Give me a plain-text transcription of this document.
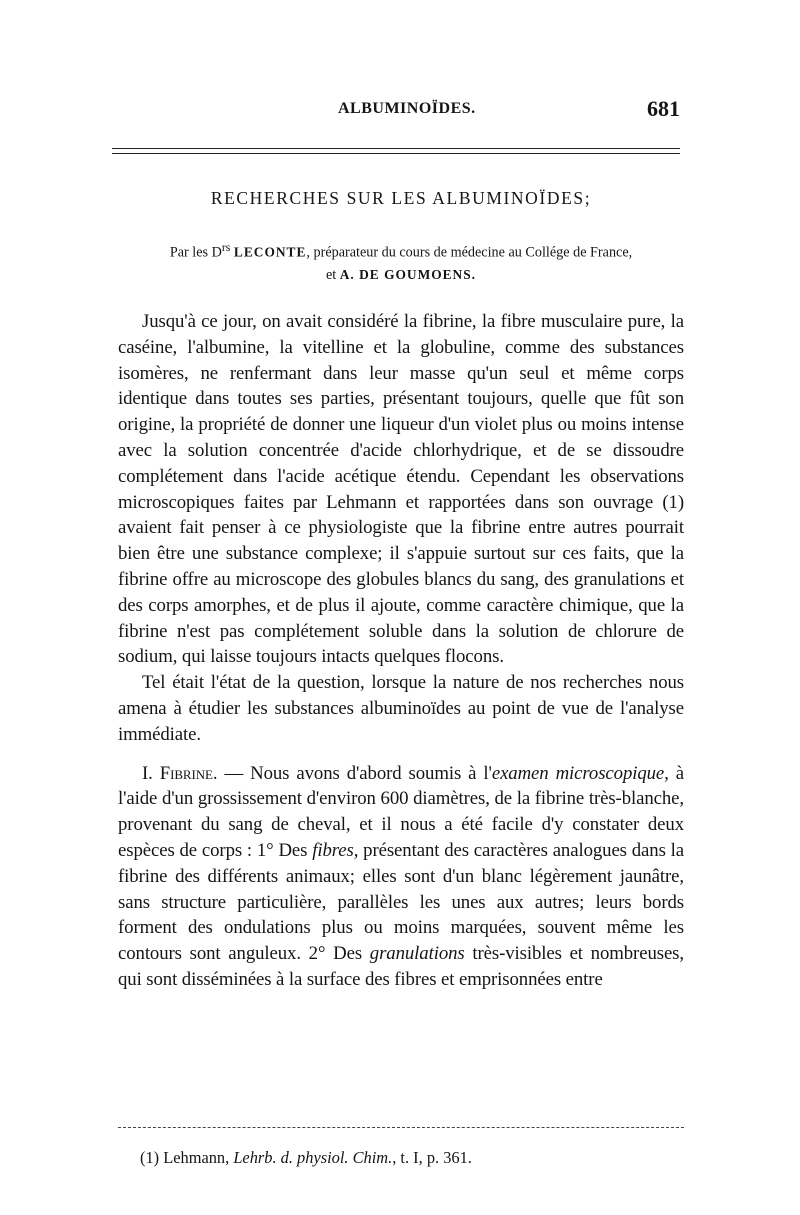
ALBUMINOÏDES.	681
RECHERCHES SUR LES ALBUMINOÏDES;
Par les $D^{rs}$ LECONTE, préparateur du cours de médecine au Collége de France,
et A. DE GOUMOENS.

Jusqu'à ce jour, on avait considéré la fibrine, la fibre musculaire pure, la caséine, l'albumine, la vitelline et la globuline, comme des substances isomères, ne renfermant dans leur masse qu'un seul et même corps identique dans toutes ses parties, présentant toujours, quelle que fût son origine, la propriété de donner une liqueur d'un violet plus ou moins intense avec la solution concentrée d'acide chlorhydrique, et de se dissoudre complétement dans l'acide acétique étendu. Cependant les observations microscopiques faites par Lehmann et rapportées dans son ouvrage (1) avaient fait penser à ce physiologiste que la fibrine entre autres pourrait bien être une substance complexe; il s'appuie surtout sur ces faits, que la fibrine offre au microscope des globules blancs du sang, des granulations et des corps amorphes, et de plus il ajoute, comme caractère chimique, que la fibrine n'est pas complétement soluble dans la solution de chlorure de sodium, qui laisse toujours intacts quelques flocons.

Tel était l'état de la question, lorsque la nature de nos recherches nous amena à étudier les substances albuminoïdes au point de vue de l'analyse immédiate.

I. Fibrine. — Nous avons d'abord soumis à l'examen microscopique, à l'aide d'un grossissement d'environ 600 diamètres, de la fibrine très-blanche, provenant du sang de cheval, et il nous a été facile d'y constater deux espèces de corps : 1° Des fibres, présentant des caractères analogues dans la fibrine des différents animaux; elles sont d'un blanc légèrement jaunâtre, sans structure particulière, parallèles les unes aux autres; leurs bords forment des ondulations plus ou moins marquées, souvent même les contours sont anguleux. 2° Des granulations très-visibles et nombreuses, qui sont disséminées à la surface des fibres et emprisonnées entre

(1) Lehmann, Lehrb. d. physiol. Chim., t. I, p. 361.
